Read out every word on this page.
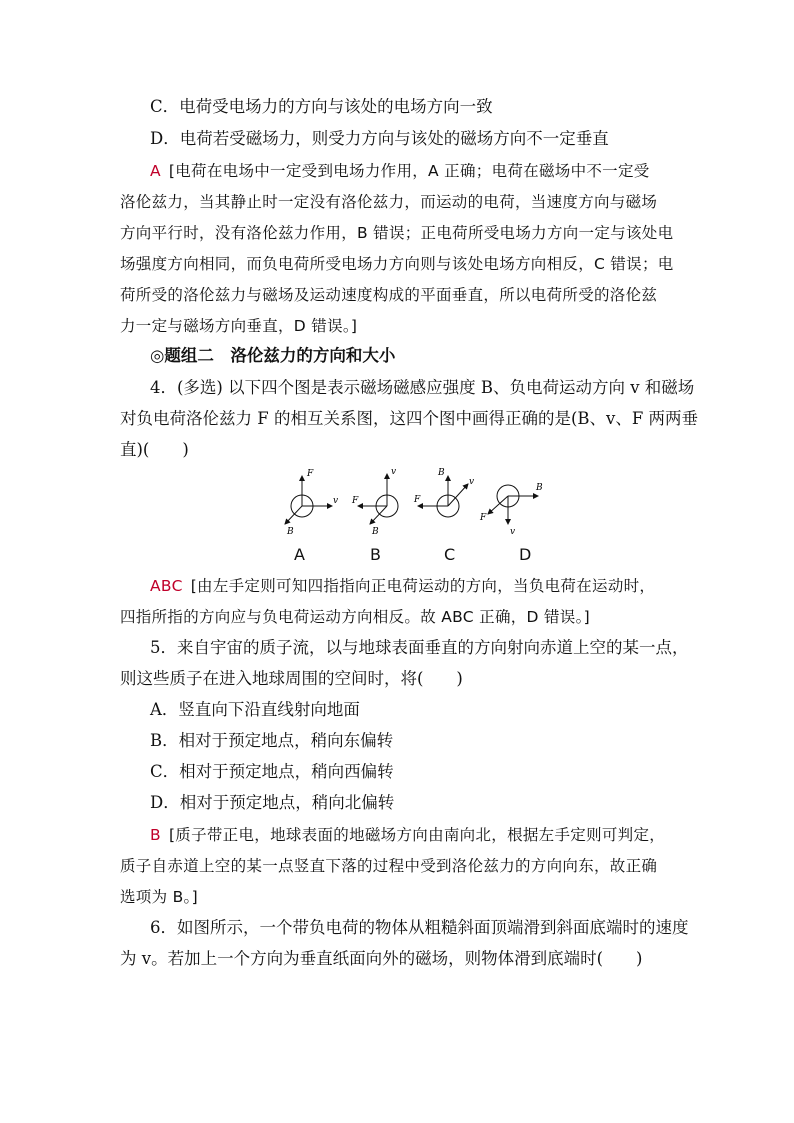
C．电荷受电场力的方向与该处的电场方向一致
D．电荷若受磁场力，则受力方向与该处的磁场方向不一定垂直
A [电荷在电场中一定受到电场力作用，A 正确；电荷在磁场中不一定受
洛伦兹力，当其静止时一定没有洛伦兹力，而运动的电荷，当速度方向与磁场
方向平行时，没有洛伦兹力作用，B 错误；正电荷所受电场力方向一定与该处电
场强度方向相同，而负电荷所受电场力方向则与该处电场方向相反，C 错误；电
荷所受的洛伦兹力与磁场及运动速度构成的平面垂直，所以电荷所受的洛伦兹
力一定与磁场方向垂直，D 错误。]
◎题组二　洛伦兹力的方向和大小
4．(多选) 以下四个图是表示磁场磁感应强度 B、负电荷运动方向 v 和磁场
对负电荷洛伦兹力 F 的相互关系图，这四个图中画得正确的是(B、v、F 两两垂
直)(　　)
F
v
B
v
F
B
B
F
v
B
v
F
A	B	C	D
ABC [由左手定则可知四指指向正电荷运动的方向，当负电荷在运动时，
四指所指的方向应与负电荷运动方向相反。故 ABC 正确，D 错误。]
5．来自宇宙的质子流，以与地球表面垂直的方向射向赤道上空的某一点，
则这些质子在进入地球周围的空间时，将(　　)
A．竖直向下沿直线射向地面
B．相对于预定地点，稍向东偏转
C．相对于预定地点，稍向西偏转
D．相对于预定地点，稍向北偏转
B [质子带正电，地球表面的地磁场方向由南向北，根据左手定则可判定，
质子自赤道上空的某一点竖直下落的过程中受到洛伦兹力的方向向东，故正确
选项为 B。]
6．如图所示，一个带负电荷的物体从粗糙斜面顶端滑到斜面底端时的速度
为 v。若加上一个方向为垂直纸面向外的磁场，则物体滑到底端时(　　)
